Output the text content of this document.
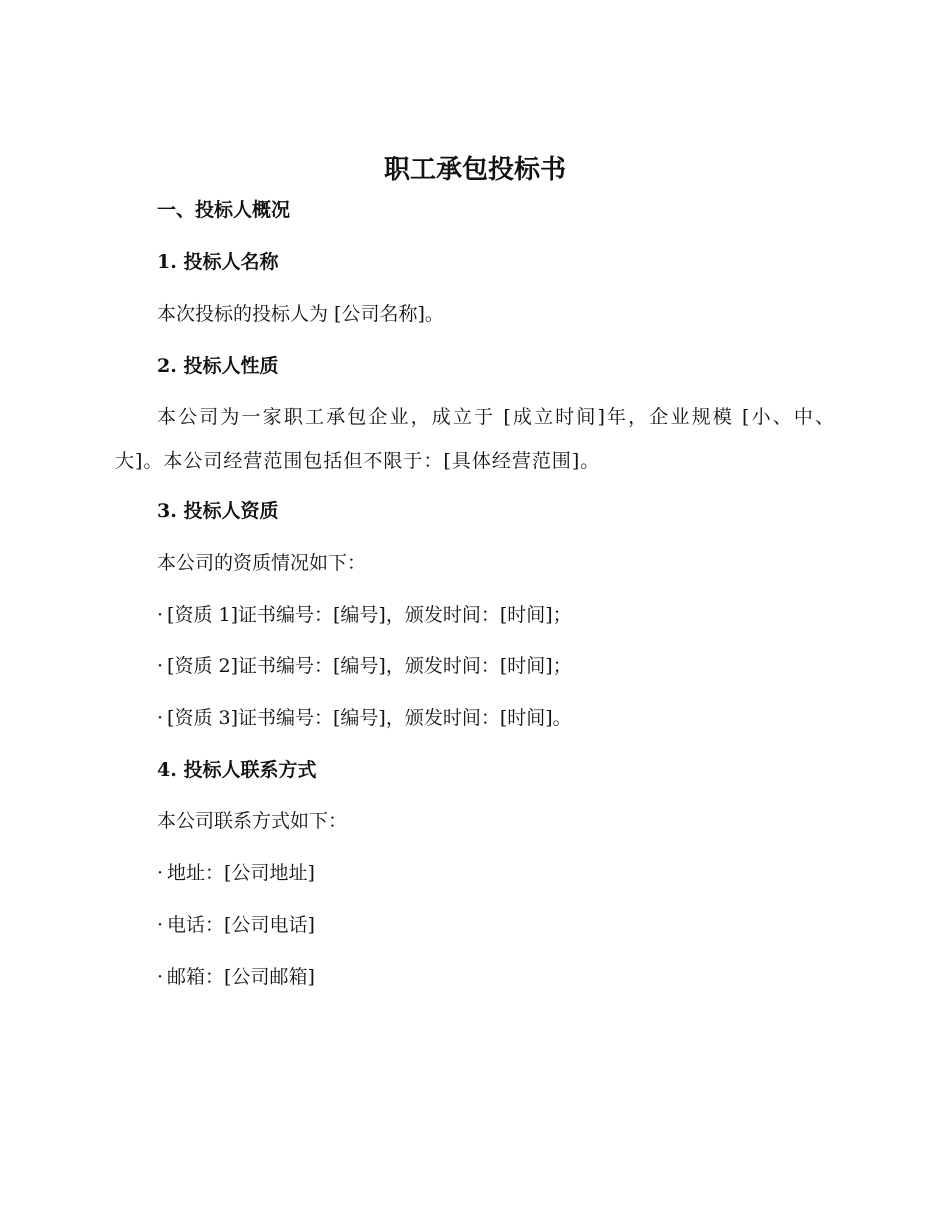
职工承包投标书

一、投标人概况

1. 投标人名称

本次投标的投标人为 [公司名称]。

2. 投标人性质

本公司为一家职工承包企业，成立于 [成立时间]年，企业规模 [小、中、大]。本公司经营范围包括但不限于：[具体经营范围]。

3. 投标人资质

本公司的资质情况如下：

· [资质 1]证书编号：[编号]，颁发时间：[时间]；

· [资质 2]证书编号：[编号]，颁发时间：[时间]；

· [资质 3]证书编号：[编号]，颁发时间：[时间]。

4. 投标人联系方式

本公司联系方式如下：

· 地址：[公司地址]

· 电话：[公司电话]

· 邮箱：[公司邮箱]
